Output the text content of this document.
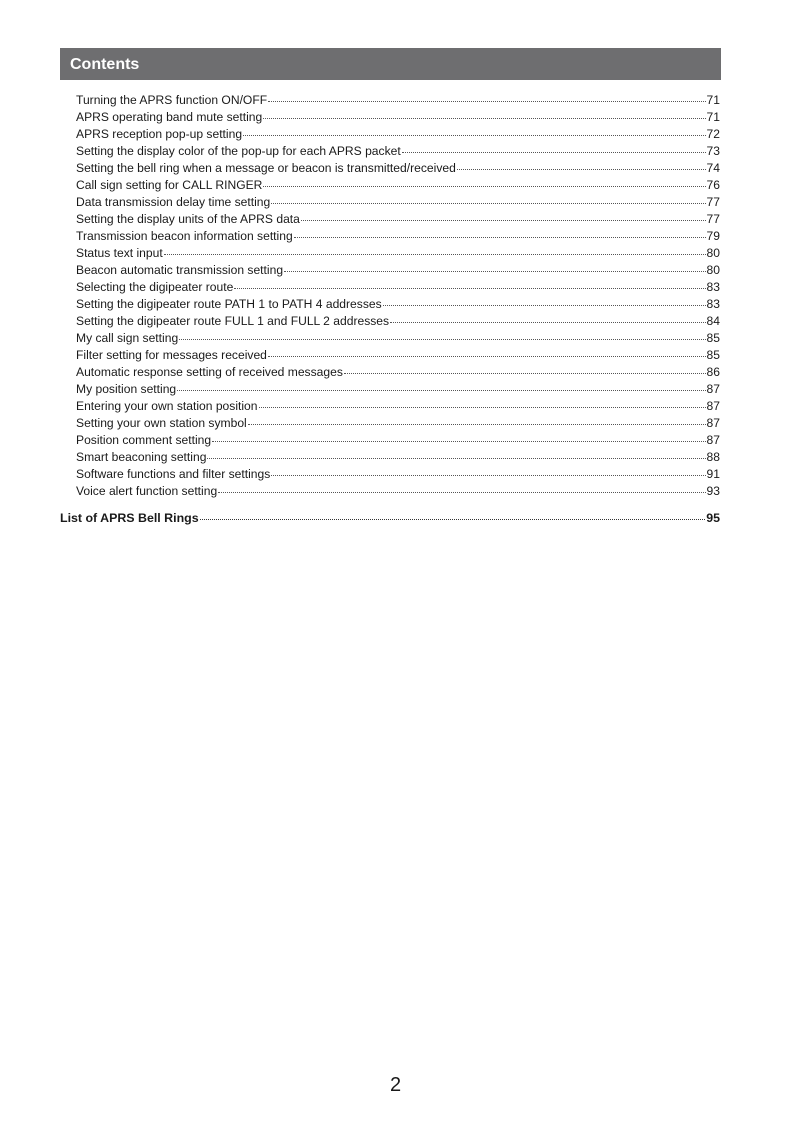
Contents
Turning the APRS function ON/OFF	71
APRS operating band mute setting	71
APRS reception pop-up setting	72
Setting the display color of the pop-up for each APRS packet	73
Setting the bell ring when a message or beacon is transmitted/received	74
Call sign setting for CALL RINGER	76
Data transmission delay time setting	77
Setting the display units of the APRS data	77
Transmission beacon information setting	79
Status text input	80
Beacon automatic transmission setting	80
Selecting the digipeater route	83
Setting the digipeater route PATH 1 to PATH 4 addresses	83
Setting the digipeater route FULL 1 and FULL 2 addresses	84
My call sign setting	85
Filter setting for messages received	85
Automatic response setting of received messages	86
My position setting	87
Entering your own station position	87
Setting your own station symbol	87
Position comment setting	87
Smart beaconing setting	88
Software functions and filter settings	91
Voice alert function setting	93
List of APRS Bell Rings	95
2
